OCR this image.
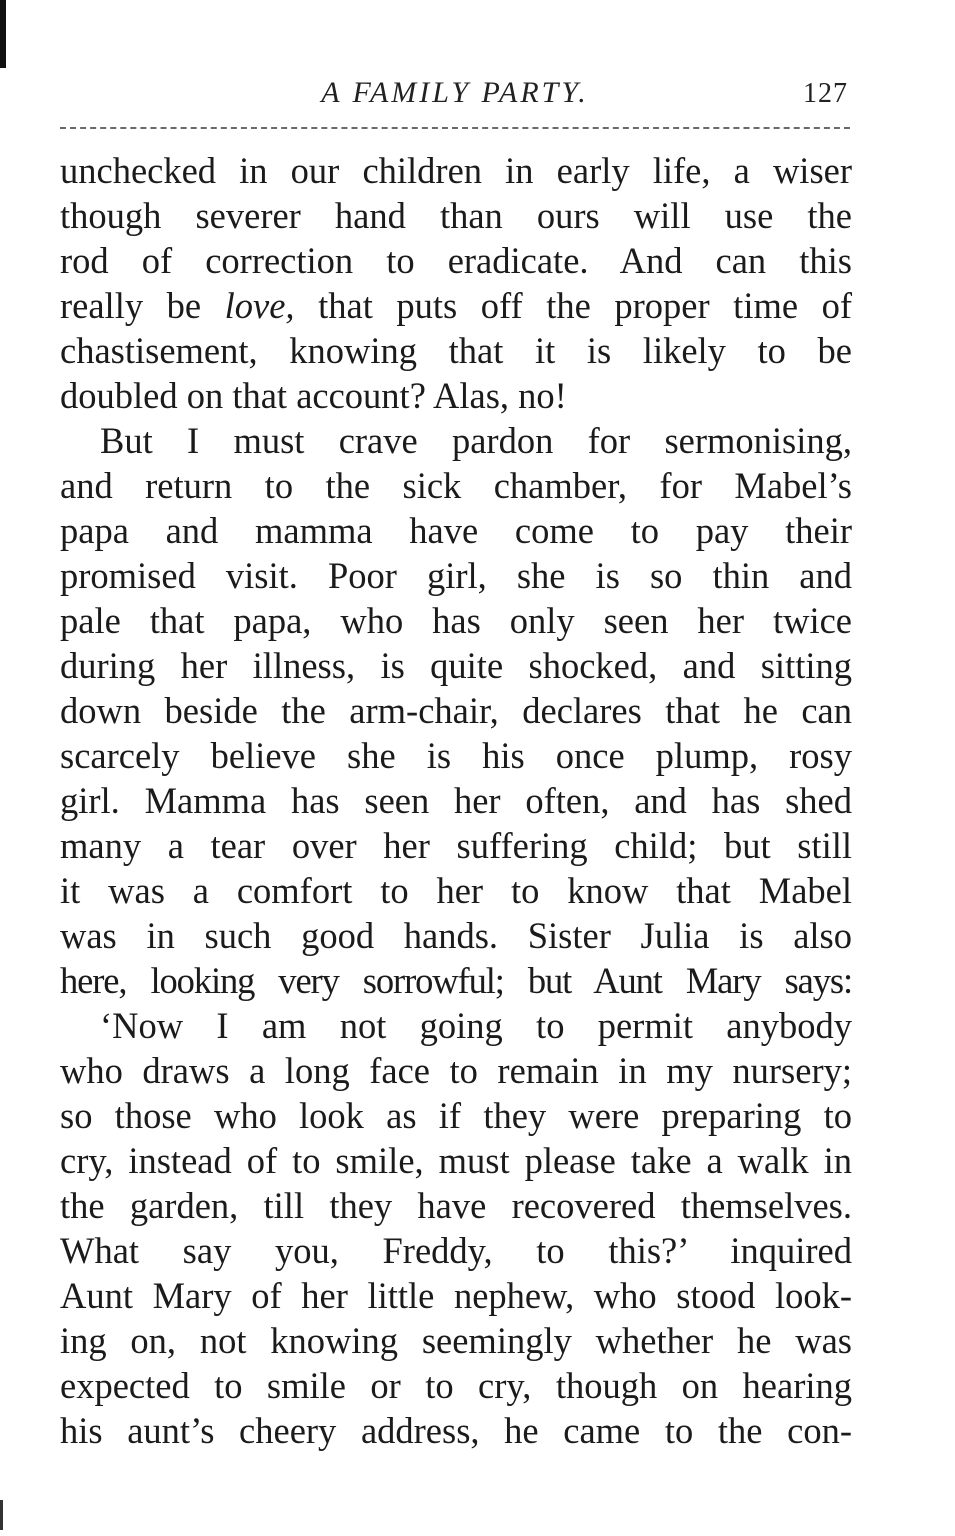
A FAMILY PARTY.	127
unchecked in our children in early life, a wiser
though severer hand than ours will use the
rod of correction to eradicate. And can this
really be love, that puts off the proper time of
chastisement, knowing that it is likely to be
doubled on that account? Alas, no!
But I must crave pardon for sermonising,
and return to the sick chamber, for Mabel’s
papa and mamma have come to pay their
promised visit. Poor girl, she is so thin and
pale that papa, who has only seen her twice
during her illness, is quite shocked, and sitting
down beside the arm-chair, declares that he can
scarcely believe she is his once plump, rosy
girl. Mamma has seen her often, and has shed
many a tear over her suffering child; but still
it was a comfort to her to know that Mabel
was in such good hands. Sister Julia is also
here, looking very sorrowful; but Aunt Mary says:
‘Now I am not going to permit anybody
who draws a long face to remain in my nursery;
so those who look as if they were preparing to
cry, instead of to smile, must please take a walk in
the garden, till they have recovered themselves.
What say you, Freddy, to this?’ inquired
Aunt Mary of her little nephew, who stood look-
ing on, not knowing seemingly whether he was
expected to smile or to cry, though on hearing
his aunt’s cheery address, he came to the con-
